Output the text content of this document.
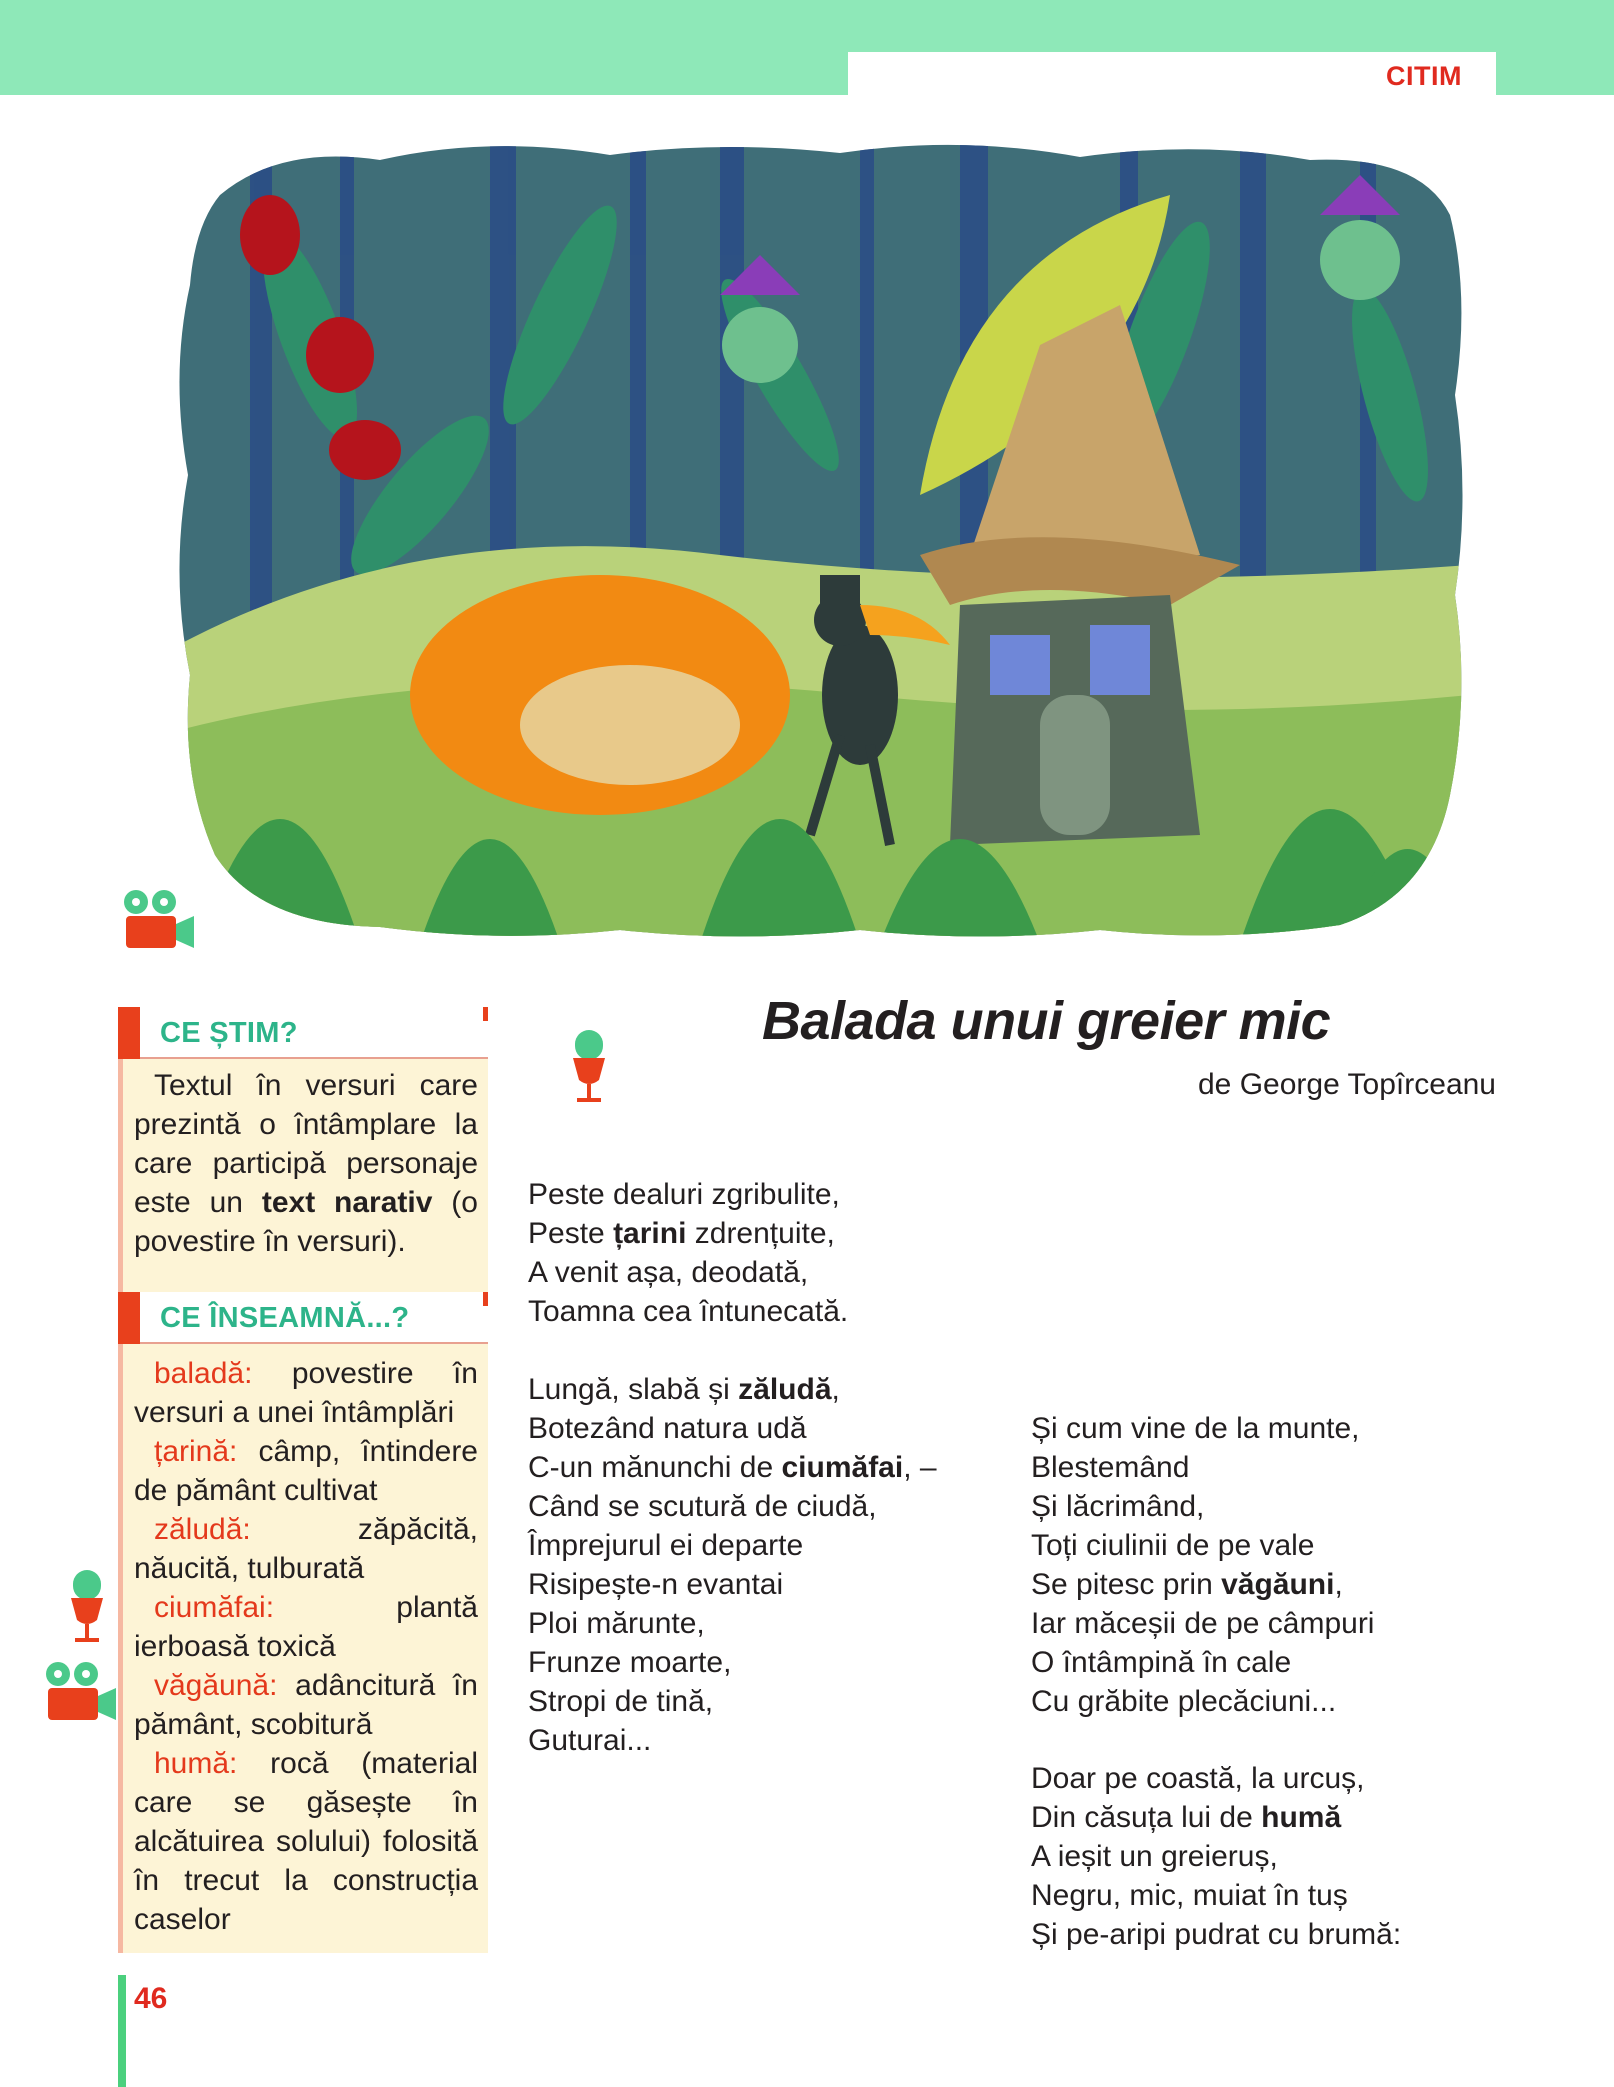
CITIM
CE ȘTIM?
Textul în versuri care prezintă o întâmplare la care participă personaje este un text narativ (o povestire în versuri).
CE ÎNSEAMNĂ...?

baladă: povestire în versuri a unei întâmplări

țarină: câmp, întindere de pământ cultivat

zăludă: zăpăcită, năucită, tulburată

ciumăfai: plantă ierboasă toxică

văgăună: adâncitură în pământ, scobitură

humă: rocă (material care se găsește în alcătuirea solului) folosită în trecut la construcția caselor

Balada unui greier mic
de George Topîrceanu
Peste dealuri zgribulite,
Peste țarini zdrențuite,
A venit așa, deodată,
Toamna cea întunecată.
Lungă, slabă și zăludă,
Botezând natura udă
C-un mănunchi de ciumăfai, –
Când se scutură de ciudă,
Împrejurul ei departe
Risipește-n evantai
Ploi mărunte,
Frunze moarte,
Stropi de tină,
Guturai...
Și cum vine de la munte,
Blestemând
Și lăcrimând,
Toți ciulinii de pe vale
Se pitesc prin văgăuni,
Iar măceșii de pe câmpuri
O întâmpină în cale
Cu grăbite plecăciuni...
Doar pe coastă, la urcuș,
Din căsuța lui de humă
A ieșit un greieruș,
Negru, mic, muiat în tuș
Și pe-aripi pudrat cu brumă:
46
